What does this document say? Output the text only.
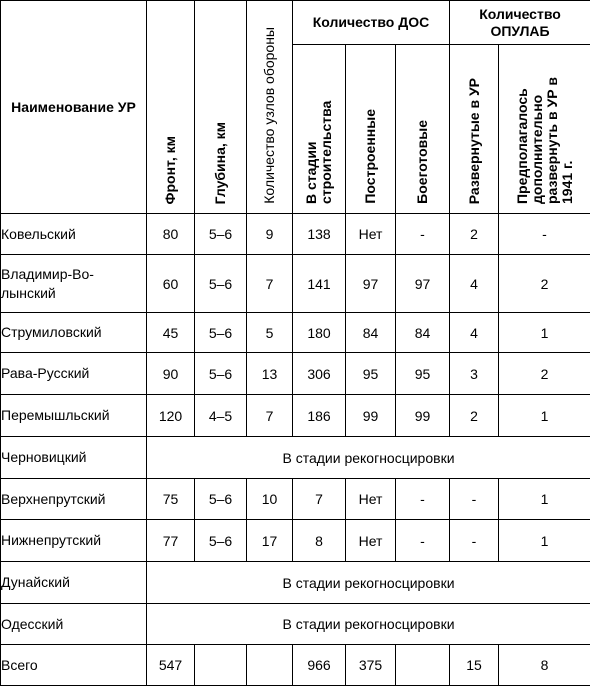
Наименование УР	Фронт, км	Глубина, км	Количество узлов обороны	Количество ДОС			Количество ОПУЛАБ	
				В стадии строительства	Построенные	Боеготовые	Развернутые в УР	Предполагалось дополнительно развернуть в УР в 1941 г.
Ковельский	80	5–6	9	138	Нет	-	2	-
Владимир-Во-лынский	60	5–6	7	141	97	97	4	2
Струмиловский	45	5–6	5	180	84	84	4	1
Рава-Русский	90	5–6	13	306	95	95	3	2
Перемышльский	120	4–5	7	186	99	99	2	1
Черновицкий	В стадии рекогносцировки							
Верхнепрутский	75	5–6	10	7	Нет	-	-	1
Нижнепрутский	77	5–6	17	8	Нет	-	-	1
Дунайский	В стадии рекогносцировки							
Одесский	В стадии рекогносцировки							
Всего	547			966	375		15	8
